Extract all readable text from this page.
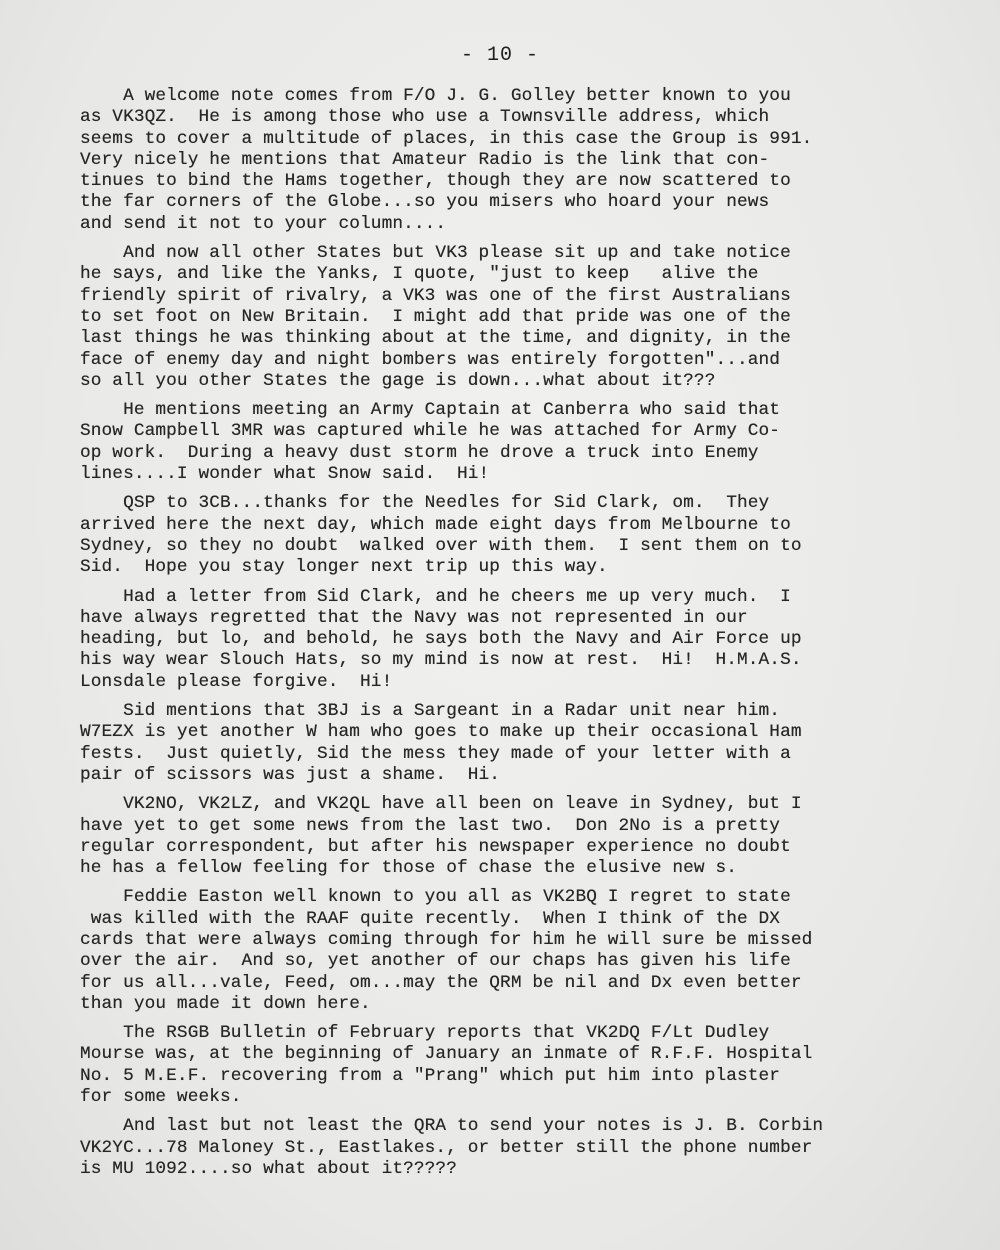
- 10 -
A welcome note comes from F/O J. G. Golley better known to you
as VK3QZ.  He is among those who use a Townsville address, which
seems to cover a multitude of places, in this case the Group is 991.
Very nicely he mentions that Amateur Radio is the link that con-
tinues to bind the Hams together, though they are now scattered to
the far corners of the Globe...so you misers who hoard your news
and send it not to your column....
And now all other States but VK3 please sit up and take notice
he says, and like the Yanks, I quote, "just to keep   alive the
friendly spirit of rivalry, a VK3 was one of the first Australians
to set foot on New Britain.  I might add that pride was one of the
last things he was thinking about at the time, and dignity, in the
face of enemy day and night bombers was entirely forgotten"...and
so all you other States the gage is down...what about it???
He mentions meeting an Army Captain at Canberra who said that
Snow Campbell 3MR was captured while he was attached for Army Co-
op work.  During a heavy dust storm he drove a truck into Enemy
lines....I wonder what Snow said.  Hi!
QSP to 3CB...thanks for the Needles for Sid Clark, om.  They
arrived here the next day, which made eight days from Melbourne to
Sydney, so they no doubt  walked over with them.  I sent them on to
Sid.  Hope you stay longer next trip up this way.
Had a letter from Sid Clark, and he cheers me up very much.  I
have always regretted that the Navy was not represented in our
heading, but lo, and behold, he says both the Navy and Air Force up
his way wear Slouch Hats, so my mind is now at rest.  Hi!  H.M.A.S.
Lonsdale please forgive.  Hi!
Sid mentions that 3BJ is a Sargeant in a Radar unit near him.
W7EZX is yet another W ham who goes to make up their occasional Ham
fests.  Just quietly, Sid the mess they made of your letter with a
pair of scissors was just a shame.  Hi.
VK2NO, VK2LZ, and VK2QL have all been on leave in Sydney, but I
have yet to get some news from the last two.  Don 2No is a pretty
regular correspondent, but after his newspaper experience no doubt
he has a fellow feeling for those of chase the elusive new s.
Feddie Easton well known to you all as VK2BQ I regret to state
was killed with the RAAF quite recently.  When I think of the DX
cards that were always coming through for him he will sure be missed
over the air.  And so, yet another of our chaps has given his life
for us all...vale, Feed, om...may the QRM be nil and Dx even better
than you made it down here.
The RSGB Bulletin of February reports that VK2DQ F/Lt Dudley
Mourse was, at the beginning of January an inmate of R.F.F. Hospital
No. 5 M.E.F. recovering from a "Prang" which put him into plaster
for some weeks.
And last but not least the QRA to send your notes is J. B. Corbin
VK2YC...78 Maloney St., Eastlakes., or better still the phone number
is MU 1092....so what about it?????
